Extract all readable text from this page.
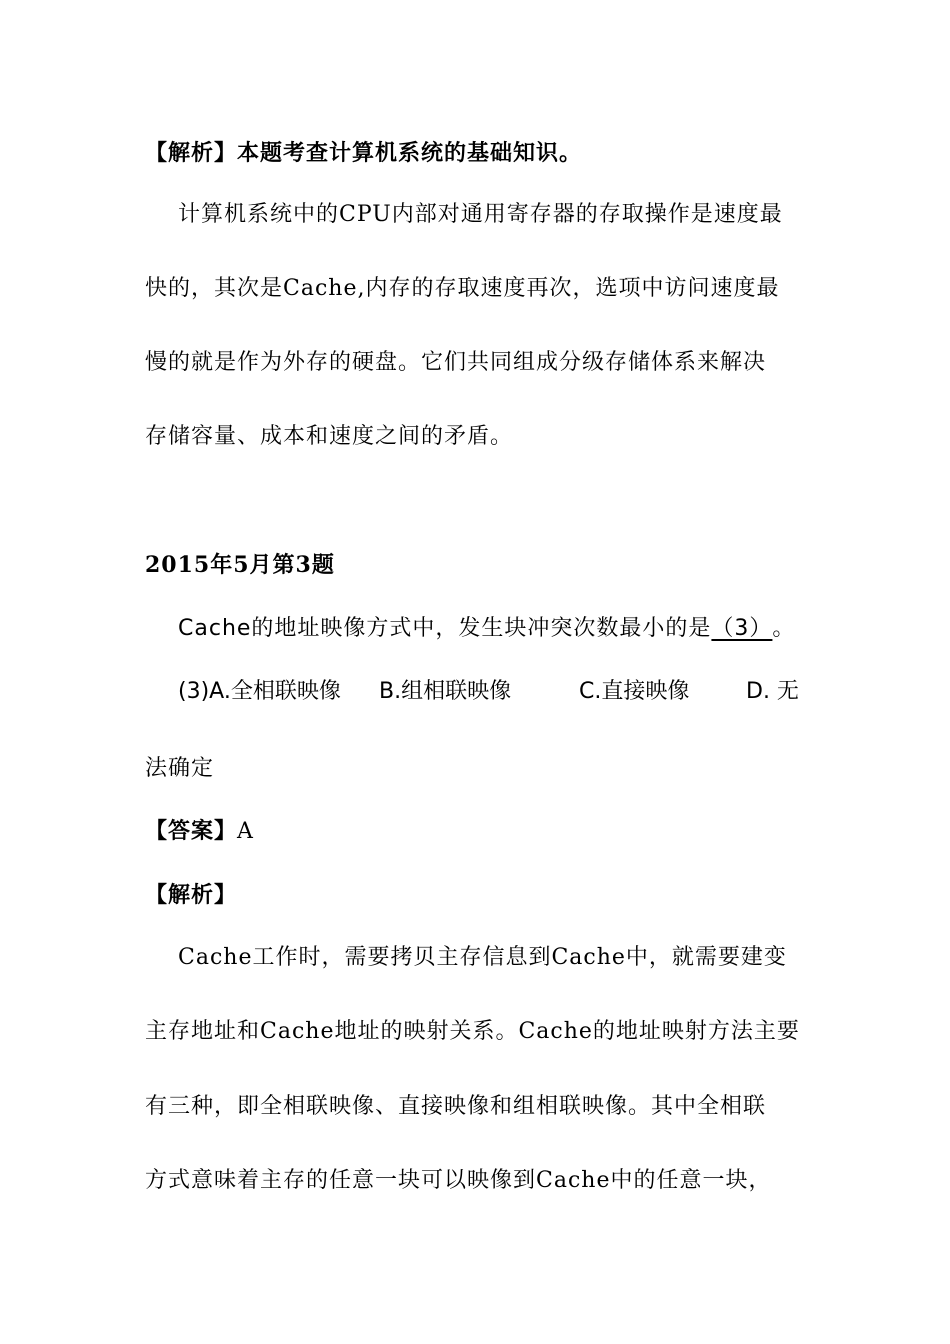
【解析】本题考查计算机系统的基础知识。
计算机系统中的CPU内部对通用寄存器的存取操作是速度最
快的，其次是Cache,内存的存取速度再次，选项中访问速度最
慢的就是作为外存的硬盘。它们共同组成分级存储体系来解决
存储容量、成本和速度之间的矛盾。
2015年5月第3题
Cache的地址映像方式中，发生块冲突次数最小的是（3）。
(3)A.全相联映像 B.组相联映像	C.直接映像	D. 无
法确定
【答案】A
【解析】
Cache工作时，需要拷贝主存信息到Cache中，就需要建变
主存地址和Cache地址的映射关系。Cache的地址映射方法主要
有三种，即全相联映像、直接映像和组相联映像。其中全相联
方式意味着主存的任意一块可以映像到Cache中的任意一块，
